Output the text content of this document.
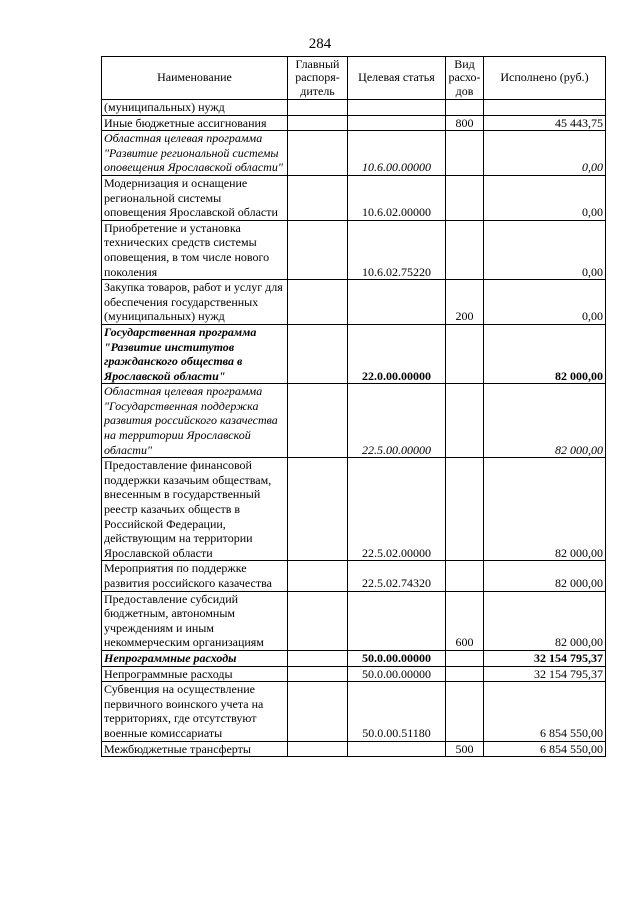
284
Наименование	Главный распоря-дитель	Целевая статья	Вид расхо-дов	Исполнено (руб.)
(муниципальных) нужд				
Иные бюджетные ассигнования			800	45 443,75
Областная целевая программа "Развитие региональной системы оповещения Ярославской области"		10.6.00.00000		0,00
Модернизация и оснащение региональной системы оповещения Ярославской области		10.6.02.00000		0,00
Приобретение и установка технических средств системы оповещения, в том числе нового поколения		10.6.02.75220		0,00
Закупка товаров, работ и услуг для обеспечения государственных (муниципальных) нужд			200	0,00
Государственная программа "Развитие институтов гражданского общества в Ярославской области"		22.0.00.00000		82 000,00
Областная целевая программа "Государственная поддержка развития российского казачества на территории Ярославской области"		22.5.00.00000		82 000,00
Предоставление финансовой поддержки казачьим обществам, внесенным в государственный реестр казачьих обществ в Российской Федерации, действующим на территории Ярославской области		22.5.02.00000		82 000,00
Мероприятия по поддержке развития российского казачества		22.5.02.74320		82 000,00
Предоставление субсидий бюджетным, автономным учреждениям и иным некоммерческим организациям			600	82 000,00
Непрограммные расходы		50.0.00.00000		32 154 795,37
Непрограммные расходы		50.0.00.00000		32 154 795,37
Субвенция на осуществление первичного воинского учета на территориях, где отсутствуют военные комиссариаты		50.0.00.51180		6 854 550,00
Межбюджетные трансферты			500	6 854 550,00
